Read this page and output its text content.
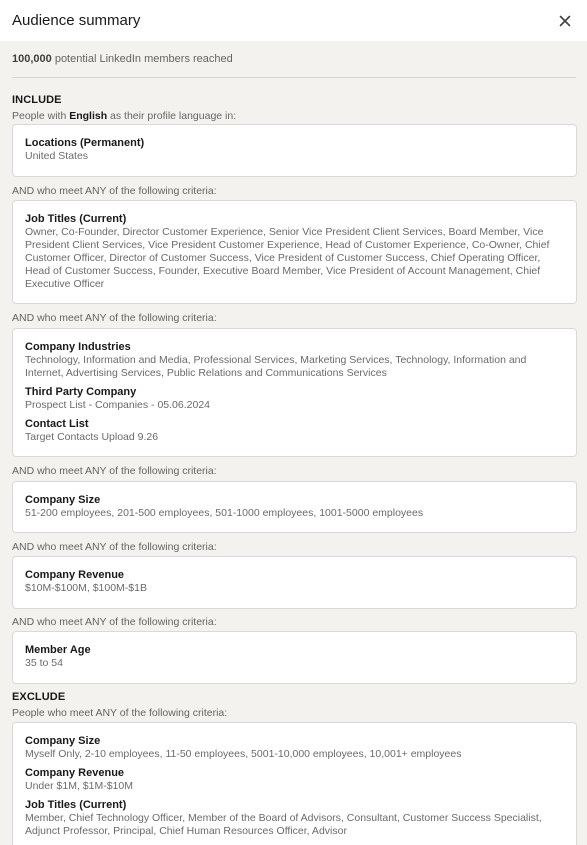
Audience summary
100,000 potential LinkedIn members reached
INCLUDE
People with English as their profile language in:
Locations (Permanent)
United States
AND who meet ANY of the following criteria:
Job Titles (Current)
Owner, Co-Founder, Director Customer Experience, Senior Vice President Client Services, Board Member, Vice President Client Services, Vice President Customer Experience, Head of Customer Experience, Co-Owner, Chief Customer Officer, Director of Customer Success, Vice President of Customer Success, Chief Operating Officer, Head of Customer Success, Founder, Executive Board Member, Vice President of Account Management, Chief Executive Officer
AND who meet ANY of the following criteria:
Company Industries
Technology, Information and Media, Professional Services, Marketing Services, Technology, Information and Internet, Advertising Services, Public Relations and Communications Services
Third Party Company
Prospect List - Companies - 05.06.2024
Contact List
Target Contacts Upload 9.26
AND who meet ANY of the following criteria:
Company Size
51-200 employees, 201-500 employees, 501-1000 employees, 1001-5000 employees
AND who meet ANY of the following criteria:
Company Revenue
$10M-$100M, $100M-$1B
AND who meet ANY of the following criteria:
Member Age
35 to 54
EXCLUDE
People who meet ANY of the following criteria:
Company Size
Myself Only, 2-10 employees, 11-50 employees, 5001-10,000 employees, 10,001+ employees
Company Revenue
Under $1M, $1M-$10M
Job Titles (Current)
Member, Chief Technology Officer, Member of the Board of Advisors, Consultant, Customer Success Specialist, Adjunct Professor, Principal, Chief Human Resources Officer, Advisor
